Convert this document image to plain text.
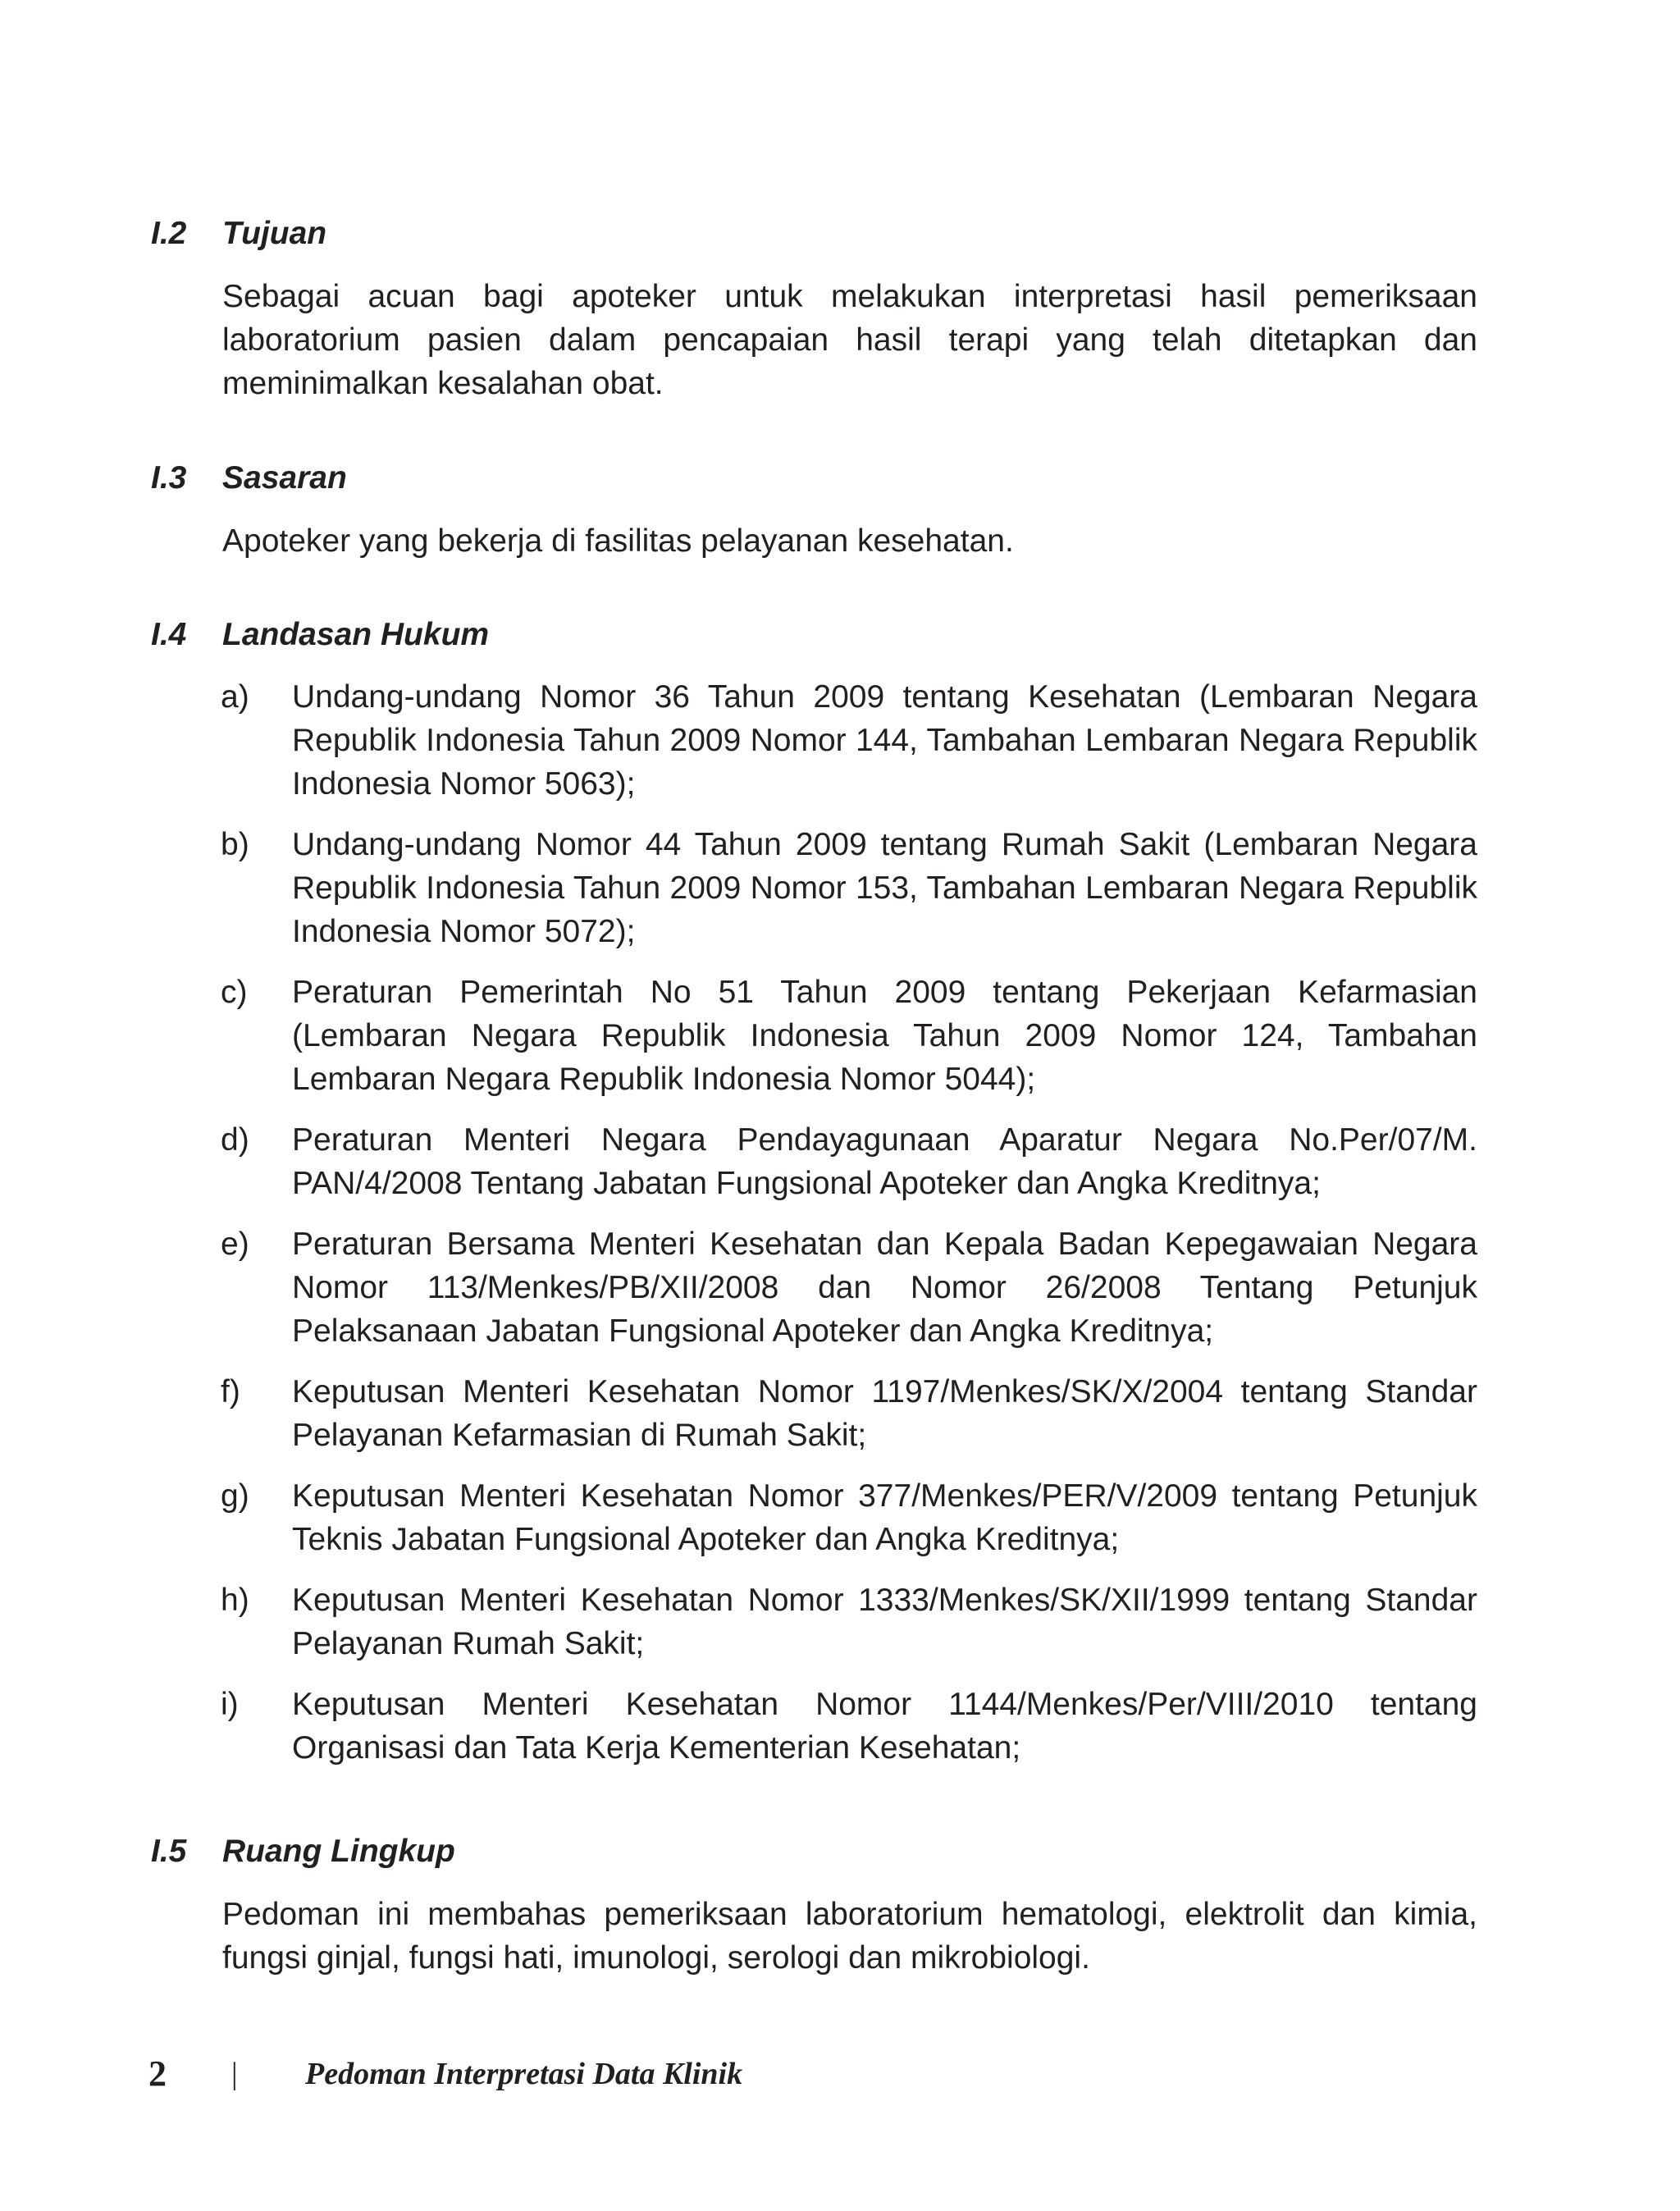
I.2 Tujuan
Sebagai acuan bagi apoteker untuk melakukan interpretasi hasil pemeriksaan laboratorium pasien dalam pencapaian hasil terapi yang telah ditetapkan dan meminimalkan kesalahan obat.
I.3 Sasaran
Apoteker yang bekerja di fasilitas pelayanan kesehatan.
I.4 Landasan Hukum
a) Undang-undang Nomor 36 Tahun 2009 tentang Kesehatan (Lembaran Negara Republik Indonesia Tahun 2009 Nomor 144, Tambahan Lembaran Negara Republik Indonesia Nomor 5063);
b) Undang-undang Nomor 44 Tahun 2009 tentang Rumah Sakit (Lembaran Negara Republik Indonesia Tahun 2009 Nomor 153, Tambahan Lembaran Negara Republik Indonesia Nomor 5072);
c) Peraturan Pemerintah No 51 Tahun 2009 tentang Pekerjaan Kefarmasian (Lembaran Negara Republik Indonesia Tahun 2009 Nomor 124, Tambahan Lembaran Negara Republik Indonesia Nomor 5044);
d) Peraturan Menteri Negara Pendayagunaan Aparatur Negara No.Per/07/M. PAN/4/2008 Tentang Jabatan Fungsional Apoteker dan Angka Kreditnya;
e) Peraturan Bersama Menteri Kesehatan dan Kepala Badan Kepegawaian Negara Nomor 113/Menkes/PB/XII/2008 dan Nomor 26/2008 Tentang Petunjuk Pelaksanaan Jabatan Fungsional Apoteker dan Angka Kreditnya;
f) Keputusan Menteri Kesehatan Nomor 1197/Menkes/SK/X/2004 tentang Standar Pelayanan Kefarmasian di Rumah Sakit;
g) Keputusan Menteri Kesehatan Nomor 377/Menkes/PER/V/2009 tentang Petunjuk Teknis Jabatan Fungsional Apoteker dan Angka Kreditnya;
h) Keputusan Menteri Kesehatan Nomor 1333/Menkes/SK/XII/1999 tentang Standar Pelayanan Rumah Sakit;
i) Keputusan Menteri Kesehatan Nomor 1144/Menkes/Per/VIII/2010 tentang Organisasi dan Tata Kerja Kementerian Kesehatan;
I.5 Ruang Lingkup
Pedoman ini membahas pemeriksaan laboratorium hematologi, elektrolit dan kimia, fungsi ginjal, fungsi hati, imunologi, serologi dan mikrobiologi.
2 | Pedoman Interpretasi Data Klinik
